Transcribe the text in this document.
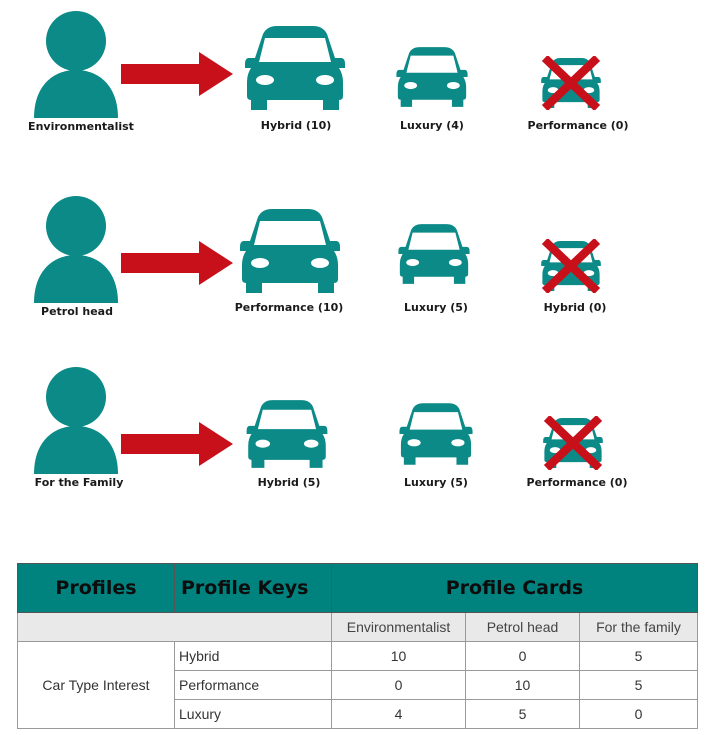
Environmentalist	Hybrid (10)	Luxury (4)	Performance (0)
Petrol head	Performance (10)	Luxury (5)	Hybrid (0)
For the Family	Hybrid (5)	Luxury (5)	Performance (0)
Profiles	Profile Keys	Profile Cards		
		Environmentalist	Petrol head	For the family
Car Type Interest	Hybrid	10	0	5
	Performance	0	10	5
	Luxury	4	5	0
